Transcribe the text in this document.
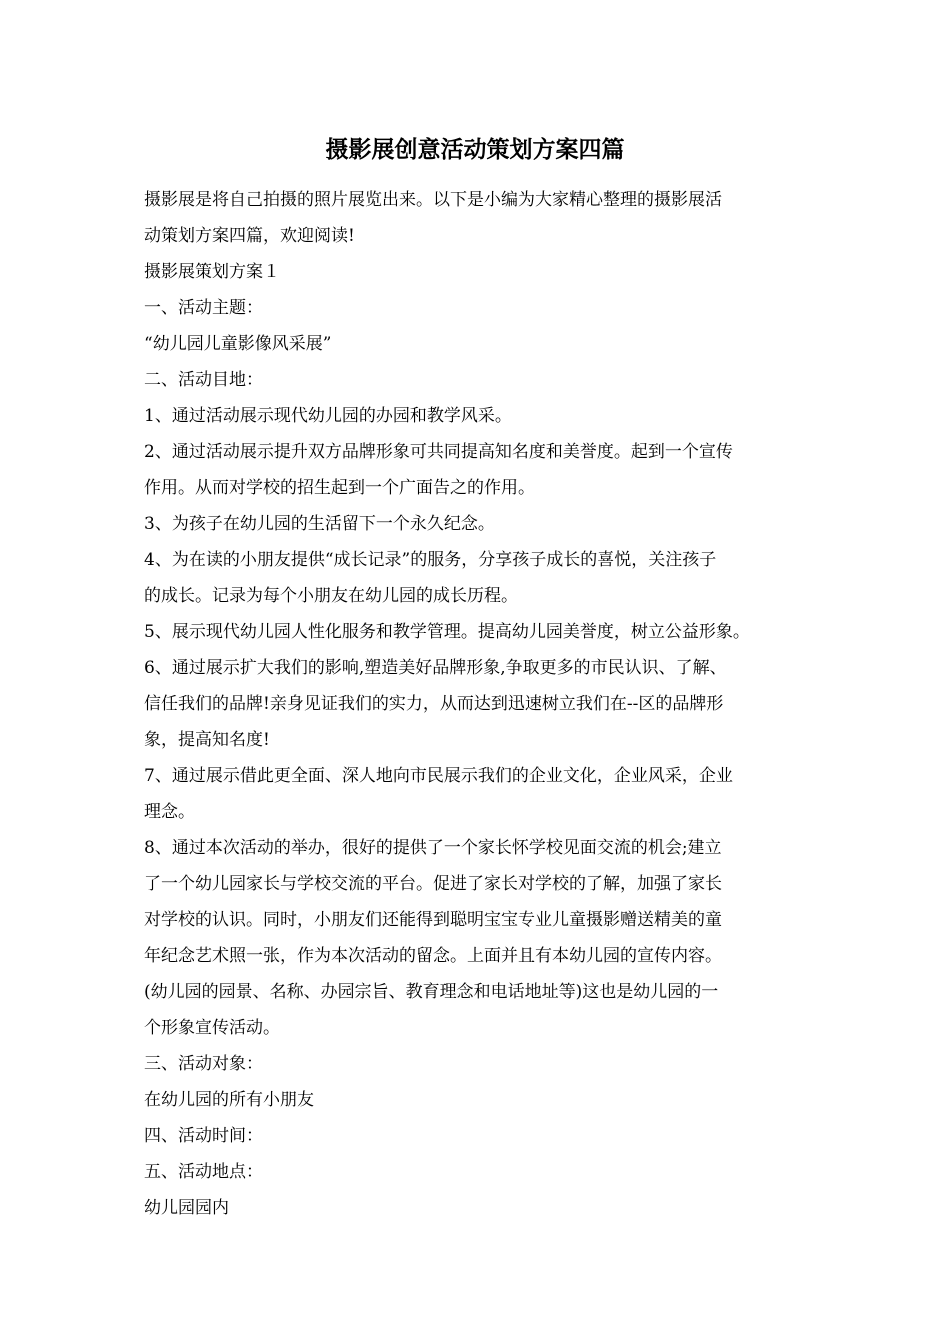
摄影展创意活动策划方案四篇
摄影展是将自己拍摄的照片展览出来。以下是小编为大家精心整理的摄影展活
动策划方案四篇，欢迎阅读!
摄影展策划方案１
一、活动主题：
“幼儿园儿童影像风采展”
二、活动目地：
1、通过活动展示现代幼儿园的办园和教学风采。
2、通过活动展示提升双方品牌形象可共同提高知名度和美誉度。起到一个宣传
作用。从而对学校的招生起到一个广面告之的作用。
3、为孩子在幼儿园的生活留下一个永久纪念。
4、为在读的小朋友提供“成长记录”的服务，分享孩子成长的喜悦，关注孩子
的成长。记录为每个小朋友在幼儿园的成长历程。
5、展示现代幼儿园人性化服务和教学管理。提高幼儿园美誉度，树立公益形象。
6、通过展示扩大我们的影响,塑造美好品牌形象,争取更多的市民认识、了解、
信任我们的品牌!亲身见证我们的实力，从而达到迅速树立我们在--区的品牌形
象，提高知名度!
7、通过展示借此更全面、深人地向市民展示我们的企业文化，企业风采，企业
理念。
8、通过本次活动的举办，很好的提供了一个家长怀学校见面交流的机会;建立
了一个幼儿园家长与学校交流的平台。促进了家长对学校的了解，加强了家长
对学校的认识。同时，小朋友们还能得到聪明宝宝专业儿童摄影赠送精美的童
年纪念艺术照一张，作为本次活动的留念。上面并且有本幼儿园的宣传内容。
(幼儿园的园景、名称、办园宗旨、教育理念和电话地址等)这也是幼儿园的一
个形象宣传活动。
三、活动对象：
在幼儿园的所有小朋友
四、活动时间：
五、活动地点：
幼儿园园内
